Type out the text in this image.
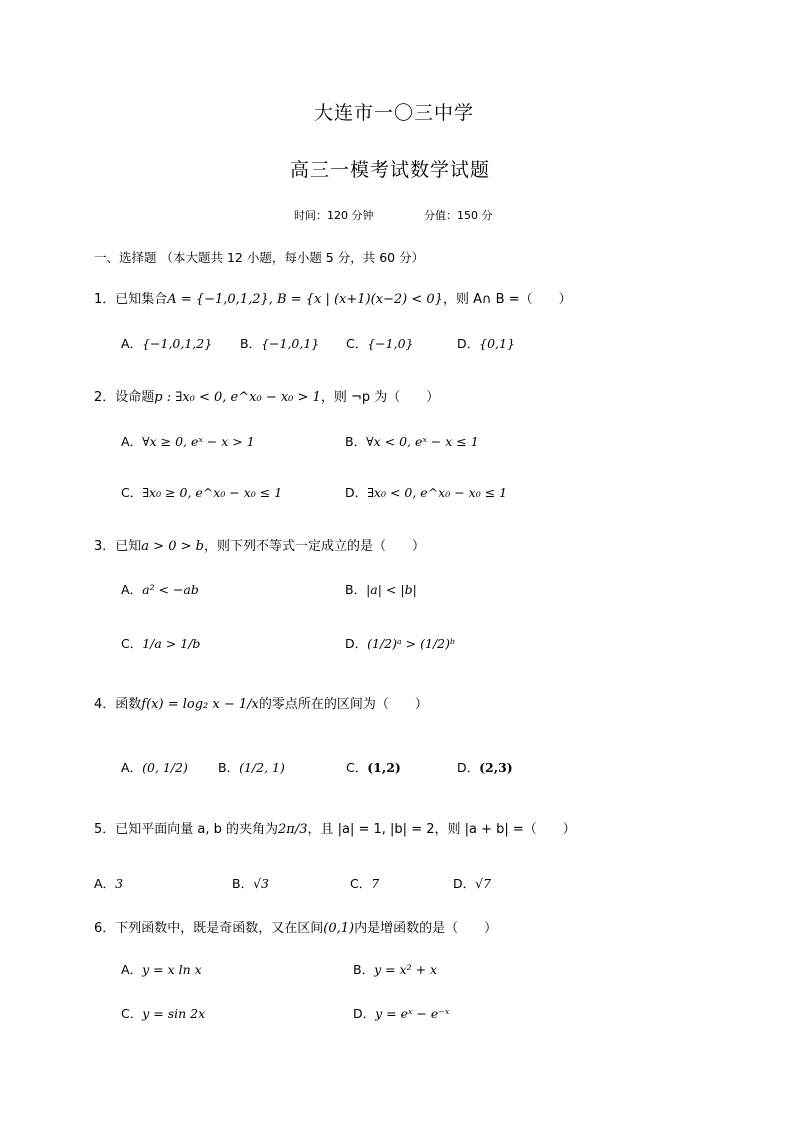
大连市一〇三中学
高三一模考试数学试题
时间：120 分钟	分值：150 分
一、选择题 （本大题共 12 小题，每小题 5 分，共 60 分）
1．已知集合A = {−1,0,1,2}, B = {x | (x+1)(x−2) < 0}，则 A∩ B =（　　）
A．{−1,0,1,2} B．{−1,0,1} C．{−1,0}	D．{0,1}
2．设命题p : ∃x₀ < 0, e^x₀ − x₀ > 1，则 ¬p 为（　　）
A．∀x ≥ 0, eˣ − x > 1	B．∀x < 0, eˣ − x ≤ 1
C．∃x₀ ≥ 0, e^x₀ − x₀ ≤ 1	D．∃x₀ < 0, e^x₀ − x₀ ≤ 1
3．已知a > 0 > b，则下列不等式一定成立的是（　　）
A．a² < −ab	B．|a| < |b|
C．1/a > 1/b	D．(1/2)ᵃ > (1/2)ᵇ
4．函数f(x) = log₂ x − 1/x的零点所在的区间为（　　）
A．(0, 1/2) B．(1/2, 1)	C．(1,2)	D．(2,3)
5．已知平面向量 a, b 的夹角为2π/3，且 |a| = 1, |b| = 2，则 |a + b| =（　　）
A．3	B．√3	C．7	D．√7
6．下列函数中，既是奇函数，又在区间(0,1)内是增函数的是（　　）
A．y = x ln x	B．y = x² + x
C．y = sin 2x	D．y = eˣ − e⁻ˣ
